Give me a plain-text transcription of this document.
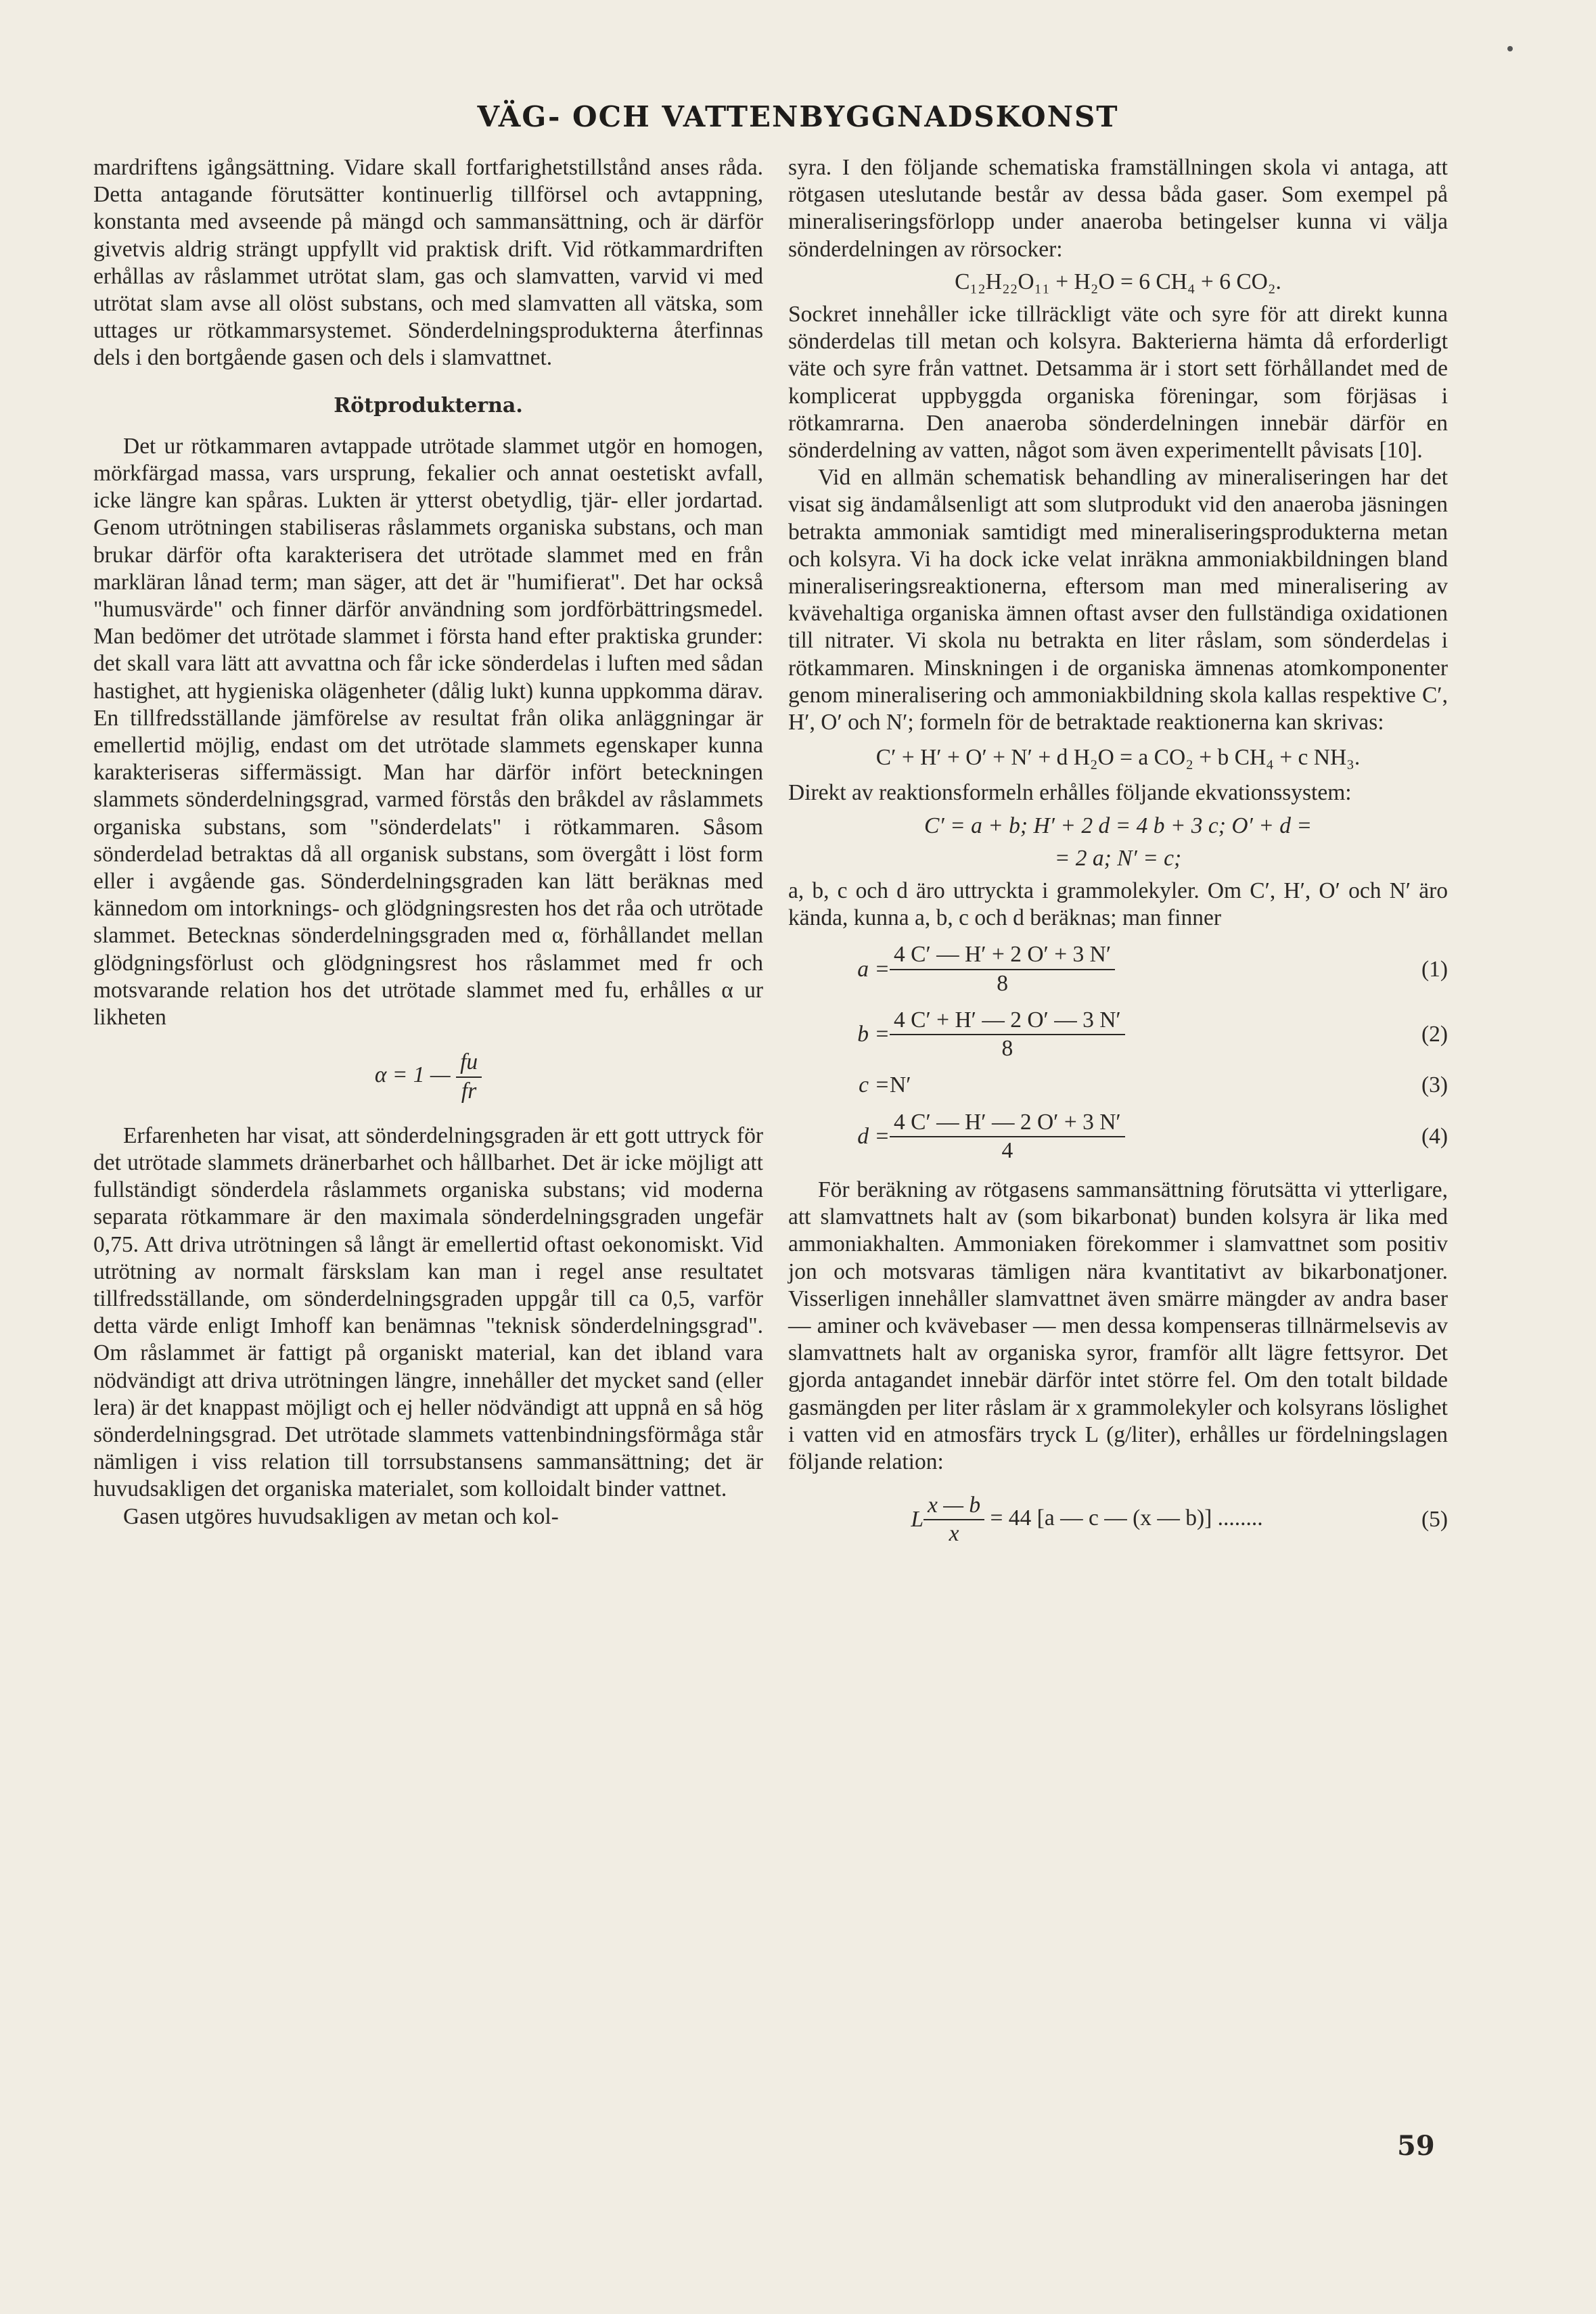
VÄG- OCH VATTENBYGGNADSKONST

mardriftens igångsättning. Vidare skall fortfarighetstillstånd anses råda. Detta antagande förutsätter kontinuerlig tillförsel och avtappning, konstanta med avseende på mängd och sammansättning, och är därför givetvis aldrig strängt uppfyllt vid praktisk drift. Vid rötkammardriften erhållas av råslammet utrötat slam, gas och slamvatten, varvid vi med utrötat slam avse all olöst substans, och med slamvatten all vätska, som uttages ur rötkammarsystemet. Sönderdelningsprodukterna återfinnas dels i den bortgående gasen och dels i slamvattnet.

Rötprodukterna.

Det ur rötkammaren avtappade utrötade slammet utgör en homogen, mörkfärgad massa, vars ursprung, fekalier och annat oestetiskt avfall, icke längre kan spåras. Lukten är ytterst obetydlig, tjär- eller jordartad. Genom utrötningen stabiliseras råslammets organiska substans, och man brukar därför ofta karakterisera det utrötade slammet med en från markläran lånad term; man säger, att det är "humifierat". Det har också "humusvärde" och finner därför användning som jordförbättringsmedel. Man bedömer det utrötade slammet i första hand efter praktiska grunder: det skall vara lätt att avvattna och får icke sönderdelas i luften med sådan hastighet, att hygieniska olägenheter (dålig lukt) kunna uppkomma därav. En tillfredsställande jämförelse av resultat från olika anläggningar är emellertid möjlig, endast om det utrötade slammets egenskaper kunna karakteriseras siffermässigt. Man har därför infört beteckningen slammets sönderdelningsgrad, varmed förstås den bråkdel av råslammets organiska substans, som "sönderdelats" i rötkammaren. Såsom sönderdelad betraktas då all organisk substans, som övergått i löst form eller i avgående gas. Sönderdelningsgraden kan lätt beräknas med kännedom om intorknings- och glödgningsresten hos det råa och utrötade slammet. Betecknas sönderdelningsgraden med α, förhållandet mellan glödgningsförlust och glödgningsrest hos råslammet med fr och motsvarande relation hos det utrötade slammet med fu, erhålles α ur likheten

α = 1 — $\frac{fu}{fr}$

Erfarenheten har visat, att sönderdelningsgraden är ett gott uttryck för det utrötade slammets dränerbarhet och hållbarhet. Det är icke möjligt att fullständigt sönderdela råslammets organiska substans; vid moderna separata rötkammare är den maximala sönderdelningsgraden ungefär 0,75. Att driva utrötningen så långt är emellertid oftast oekonomiskt. Vid utrötning av normalt färskslam kan man i regel anse resultatet tillfredsställande, om sönderdelningsgraden uppgår till ca 0,5, varför detta värde enligt Imhoff kan benämnas "teknisk sönderdelningsgrad". Om råslammet är fattigt på organiskt material, kan det ibland vara nödvändigt att driva utrötningen längre, innehåller det mycket sand (eller lera) är det knappast möjligt och ej heller nödvändigt att uppnå en så hög sönderdelningsgrad. Det utrötade slammets vattenbindningsförmåga står nämligen i viss relation till torrsubstansens sammansättning; det är huvudsakligen det organiska materialet, som kolloidalt binder vattnet.

Gasen utgöres huvudsakligen av metan och kol-

syra. I den följande schematiska framställningen skola vi antaga, att rötgasen uteslutande består av dessa båda gaser. Som exempel på mineraliseringsförlopp under anaeroba betingelser kunna vi välja sönderdelningen av rörsocker:

C₁₂H₂₂O₁₁ + H₂O = 6 CH₄ + 6 CO₂.

Sockret innehåller icke tillräckligt väte och syre för att direkt kunna sönderdelas till metan och kolsyra. Bakterierna hämta då erforderligt väte och syre från vattnet. Detsamma är i stort sett förhållandet med de komplicerat uppbyggda organiska föreningar, som förjäsas i rötkamrarna. Den anaeroba sönderdelningen innebär därför en sönderdelning av vatten, något som även experimentellt påvisats [10].

Vid en allmän schematisk behandling av mineraliseringen har det visat sig ändamålsenligt att som slutprodukt vid den anaeroba jäsningen betrakta ammoniak samtidigt med mineraliseringsprodukterna metan och kolsyra. Vi ha dock icke velat inräkna ammoniakbildningen bland mineraliseringsreaktionerna, eftersom man med mineralisering av kvävehaltiga organiska ämnen oftast avser den fullständiga oxidationen till nitrater. Vi skola nu betrakta en liter råslam, som sönderdelas i rötkammaren. Minskningen i de organiska ämnenas atomkomponenter genom mineralisering och ammoniakbildning skola kallas respektive C′, H′, O′ och N′; formeln för de betraktade reaktionerna kan skrivas:

C′ + H′ + O′ + N′ + d H₂O = a CO₂ + b CH₄ + c NH₃.

Direkt av reaktionsformeln erhålles följande ekvationssystem:

C′ = a + b; H′ + 2 d = 4 b + 3 c; O′ + d =
= 2 a; N′ = c;

a, b, c och d äro uttryckta i grammolekyler. Om C′, H′, O′ och N′ äro kända, kunna a, b, c och d beräknas; man finner

$a = \frac{4 C' — H' + 2 O' + 3 N'}{8}$	(1)
$b = \frac{4 C' + H' — 2 O' — 3 N'}{8}$	(2)
c = N′	(3)
$d = \frac{4 C' — H' — 2 O' + 3 N'}{4}$	(4)

För beräkning av rötgasens sammansättning förutsätta vi ytterligare, att slamvattnets halt av (som bikarbonat) bunden kolsyra är lika med ammoniakhalten. Ammoniaken förekommer i slamvattnet som positiv jon och motsvaras tämligen nära kvantitativt av bikarbonatjoner. Visserligen innehåller slamvattnet även smärre mängder av andra baser — aminer och kvävebaser — men dessa kompenseras tillnärmelsevis av slamvattnets halt av organiska syror, framför allt lägre fettsyror. Det gjorda antagandet innebär därför intet större fel. Om den totalt bildade gasmängden per liter råslam är x grammolekyler och kolsyrans löslighet i vatten vid en atmosfärs tryck L (g/liter), erhålles ur fördelningslagen följande relation:

L $\frac{x — b}{x} = 44$ [a — c — (x — b)] ........	(5)
59
